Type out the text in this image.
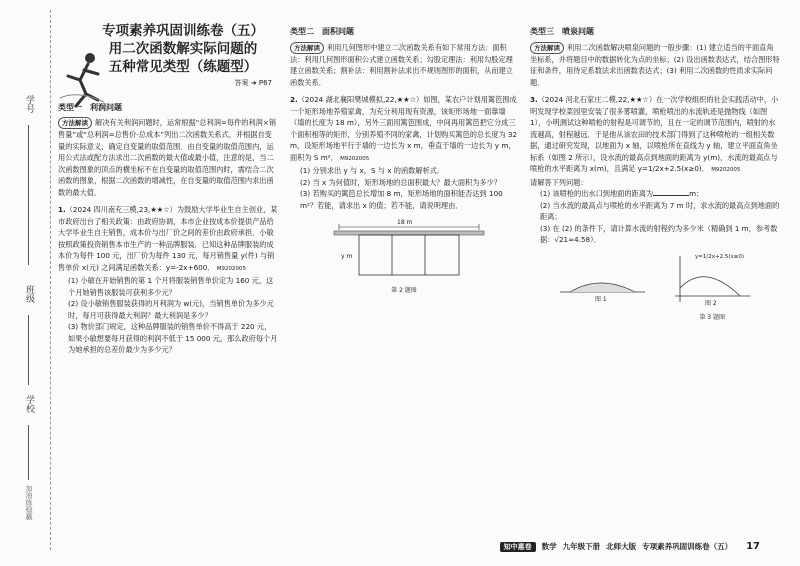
学号
班级
学校
加油练稳赢
专项素养巩固训练卷（五）
用二次函数解实际问题的
五种常见类型（练题型）
答案 ➜ P67
类型一　利润问题
方法解读 解决有关利润问题时，运常根据“总利润=每件的利润×销售量”或“总利润=总售价-总成本”列出二次函数关系式，并根据自变量的实际意义，确定自变量的取值范围．由自变量的取值范围内，运用公式法或配方法求出二次函数的最大值或最小值，注意的是，当二次函数图象的顶点的横坐标不在自变量的取值范围内时，需结合二次函数的图象，根据二次函数的增减性，在自变量的取值范围内求出函数的最大值．
1.（2024 四川南充三模,23,★★☆）为鼓励大学毕业生自主创业，某市政府出台了相关政策：由政府协调，本市企业按成本价提供产品给大学毕业生自主销售，成本价与出厂价之间的差价由政府承担．小敏按照政策投资销售本市生产的一种品牌服装．已知这种品牌服装的成本价为每件 100 元，出厂价为每件 130 元，每月销售量 y(件) 与销售单价 x(元) 之间满足函数关系：y=-2x+600． M9202005
(1) 小敏在开始销售的第 1 个月将服装销售单价定为 160 元，这个月她销售该服装可获利多少元？
(2) 设小敏销售服装获得的月利润为 w(元)，当销售单价为多少元时，每月可获得最大利润？最大利润是多少？
(3) 物价部门规定，这种品牌服装的销售单价不得高于 220 元，如果小敏想要每月获得的利润不低于 15 000 元，那么政府每个月为她承担的总差价最少为多少元？
类型二　面积问题
方法解读 利用几何图形中建立二次函数关系有如下常用方法：面积法：利用几何图形面积公式建立函数关系；勾股定理法：利用勾股定理建立函数关系；割补法：利用割补法求出不规则图形的面积，从而建立函数关系．
2.（2024 湖北襄阳樊城模拟,22,★★☆）如图，某农户计划用篱笆围成一个矩形场地养殖家禽，为充分利用现有资源，该矩形场地一面靠墙（墙的长度为 18 m），另外三面用篱笆围成，中间再用篱笆把它分成三个面积相等的矩形，分别养殖不同的家禽，计划购买篱笆的总长度为 32 m，设矩形场地平行于墙的一边长为 x m，垂直于墙的一边长为 y m，面积为 S m²． M9202005
(1) 分别求出 y 与 x，S 与 x 的函数解析式．
(2) 当 x 为何值时，矩形场地的总面积最大？最大面积为多少？
(3) 若购买的篱笆总长增加 8 m，矩形场地的面积能否达到 100 m²？若能，请求出 x 的值；若不能，请说明理由．
18 m
y m
第 2 题图
类型三　喷泉问题
方法解读 利用二次函数解决喷泉问题的一般步骤：(1) 建立适当的平面直角坐标系，并将题目中的数据转化为点的坐标；(2) 设出函数表达式，结合图形特征和条件，用待定系数法求出函数表达式；(3) 利用二次函数的性质求实际问题．
3.（2024 河北石家庄二模,22,★★☆）在一次学校组织的社会实践活动中，小明发现学校菜园里安装了很多雾喷灌，喷枪喷出的水流轨迹是抛物线（如图 1），小明测试这种喷枪的射程是可调节的，且在一定的调节范围内，喷射的水流越高，射程越远．于是他从该农田的技术部门得到了这种喷枪的一组相关数据，通过研究发现，以地面为 x 轴，以喷枪所在直线为 y 轴，建立平面直角坐标系（如图 2 所示），设水流的最高点到地面的距离为 y(m)，水流的最高点与喷枪的水平距离为 x(m)，且满足 y=1/2x+2.5(x≥0)． M9202005
请解答下列问题：
(1) 该喷枪的出水口到地面的距离为	m；
(2) 当水流的最高点与喷枪的水平距离为 7 m 时，求水流的最高点到地面的距离；
(3) 在 (2) 的条件下，请计算水流的射程约为多少米（精确到 1 m，参考数据：√21≈4.58）．
图 1
图 2
y=1/2x+2.5(x≥0)
第 3 题图
知中惠卷	数学 九年级下册 北师大版 专项素养巩固训练卷（五） 17
